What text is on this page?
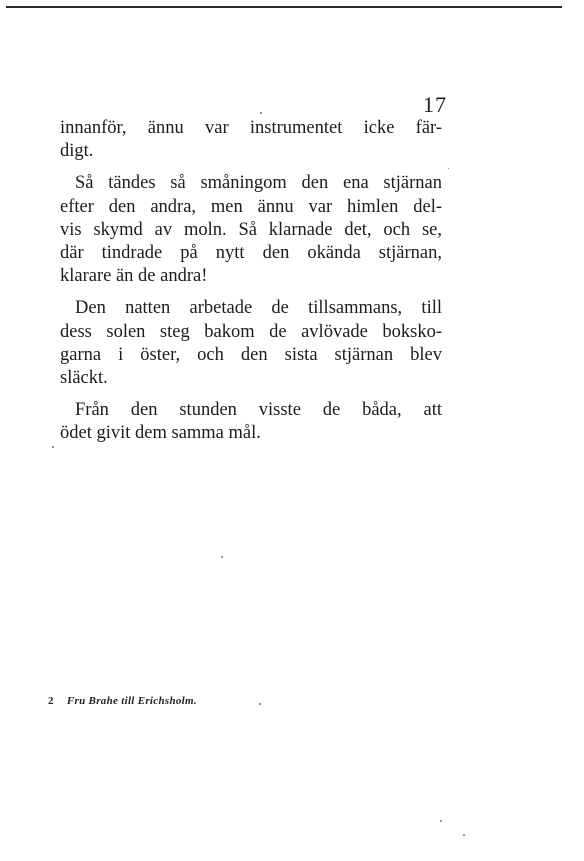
17

innanför, ännu var instrumentet icke fär-
digt.

Så tändes så småningom den ena stjärnan
efter den andra, men ännu var himlen del-
vis skymd av moln. Så klarnade det, och se,
där tindrade på nytt den okända stjärnan,
klarare än de andra!

Den natten arbetade de tillsammans, till
dess solen steg bakom de avlövade boksko-
garna i öster, och den sista stjärnan blev
släckt.

Från den stunden visste de båda, att
ödet givit dem samma mål.

2 Fru Brahe till Erichsholm.
